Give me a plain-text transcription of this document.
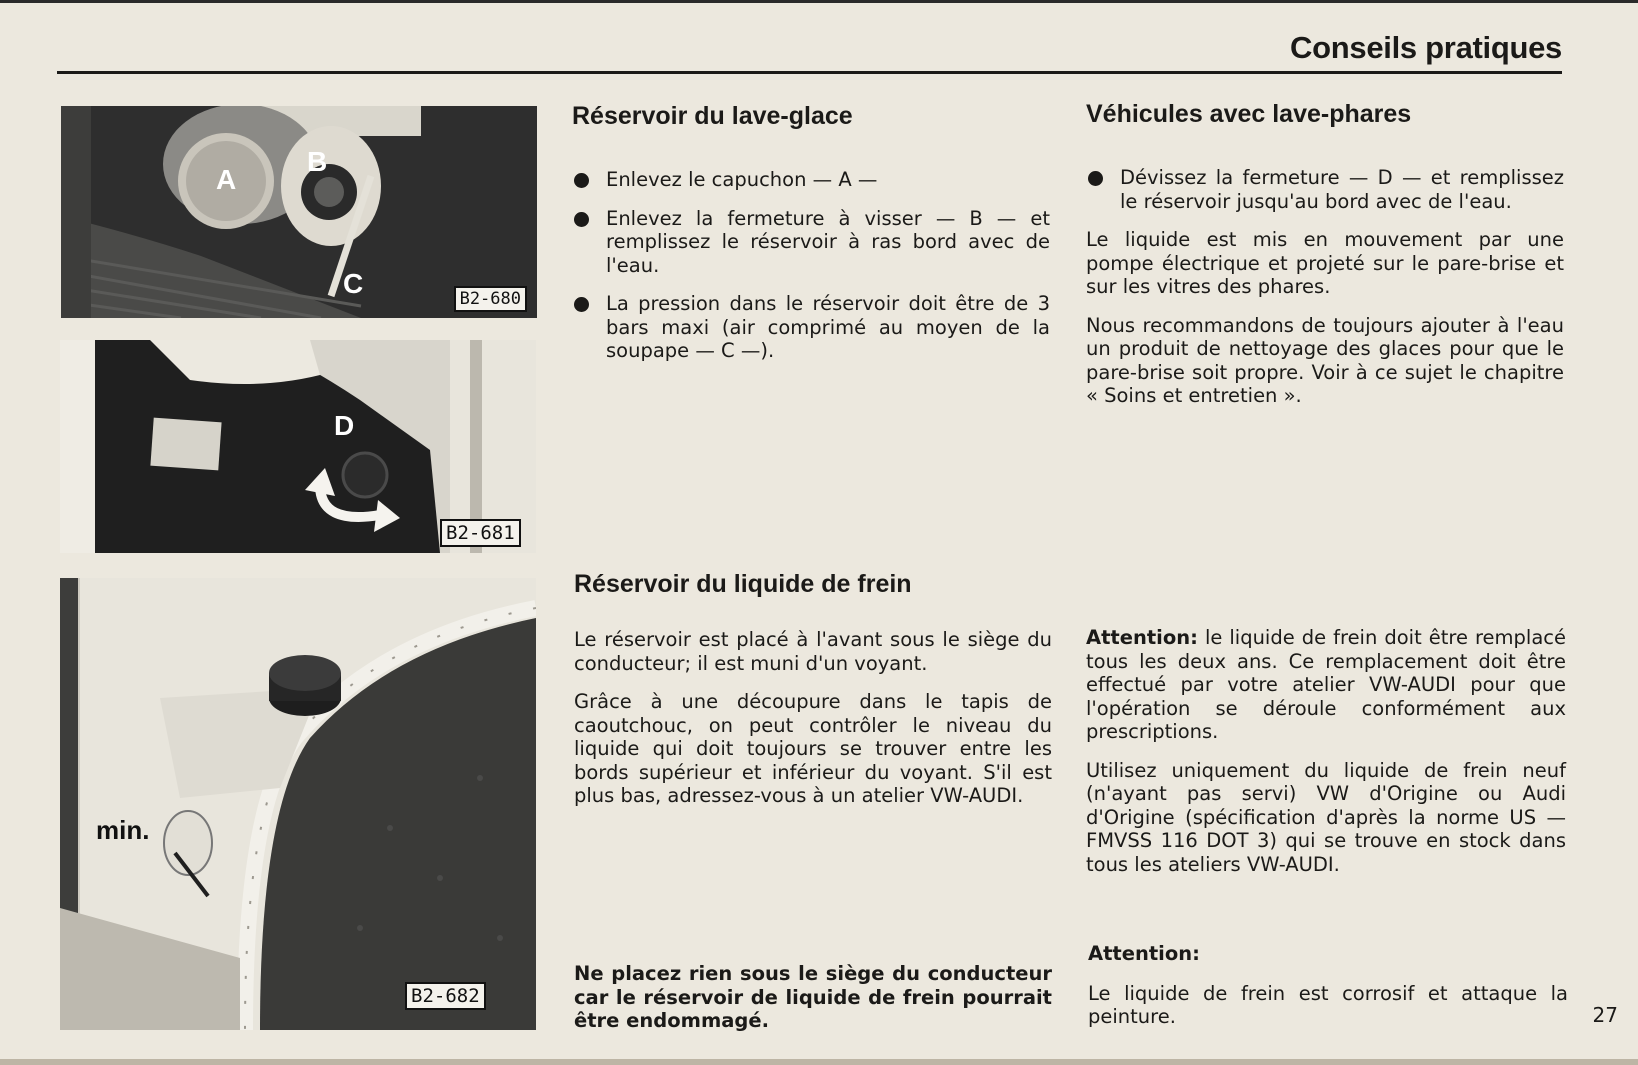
Conseils pratiques
A
B
C	B2-680
D
B2-681
min.
B2-682
Réservoir du lave-glace
Enlevez le capuchon — A —
Enlevez la fermeture à visser — B — et remplissez le réservoir à ras bord avec de l'eau.
La pression dans le réservoir doit être de 3 bars maxi (air comprimé au moyen de la soupape — C —).
Véhicules avec lave-phares
Dévissez la fermeture — D — et remplissez le réservoir jusqu'au bord avec de l'eau.

Le liquide est mis en mouvement par une pompe électrique et projeté sur le pare-brise et sur les vitres des phares.

Nous recommandons de toujours ajouter à l'eau un produit de nettoyage des glaces pour que le pare-brise soit propre. Voir à ce sujet le chapitre « Soins et entretien ».

Réservoir du liquide de frein

Le réservoir est placé à l'avant sous le siège du conducteur; il est muni d'un voyant.

Grâce à une découpure dans le tapis de caoutchouc, on peut contrôler le niveau du liquide qui doit toujours se trouver entre les bords supérieur et inférieur du voyant. S'il est plus bas, adressez-vous à un atelier VW-AUDI.

Ne placez rien sous le siège du conducteur car le réservoir de liquide de frein pourrait être endommagé.

Attention: le liquide de frein doit être remplacé tous les deux ans. Ce remplacement doit être effectué par votre atelier VW-AUDI pour que l'opération se déroule conformément aux prescriptions.

Utilisez uniquement du liquide de frein neuf (n'ayant pas servi) VW d'Origine ou Audi d'Origine (spécification d'après la norme US — FMVSS 116 DOT 3) qui se trouve en stock dans tous les ateliers VW-AUDI.

Attention:

Le liquide de frein est corrosif et attaque la peinture.	27
